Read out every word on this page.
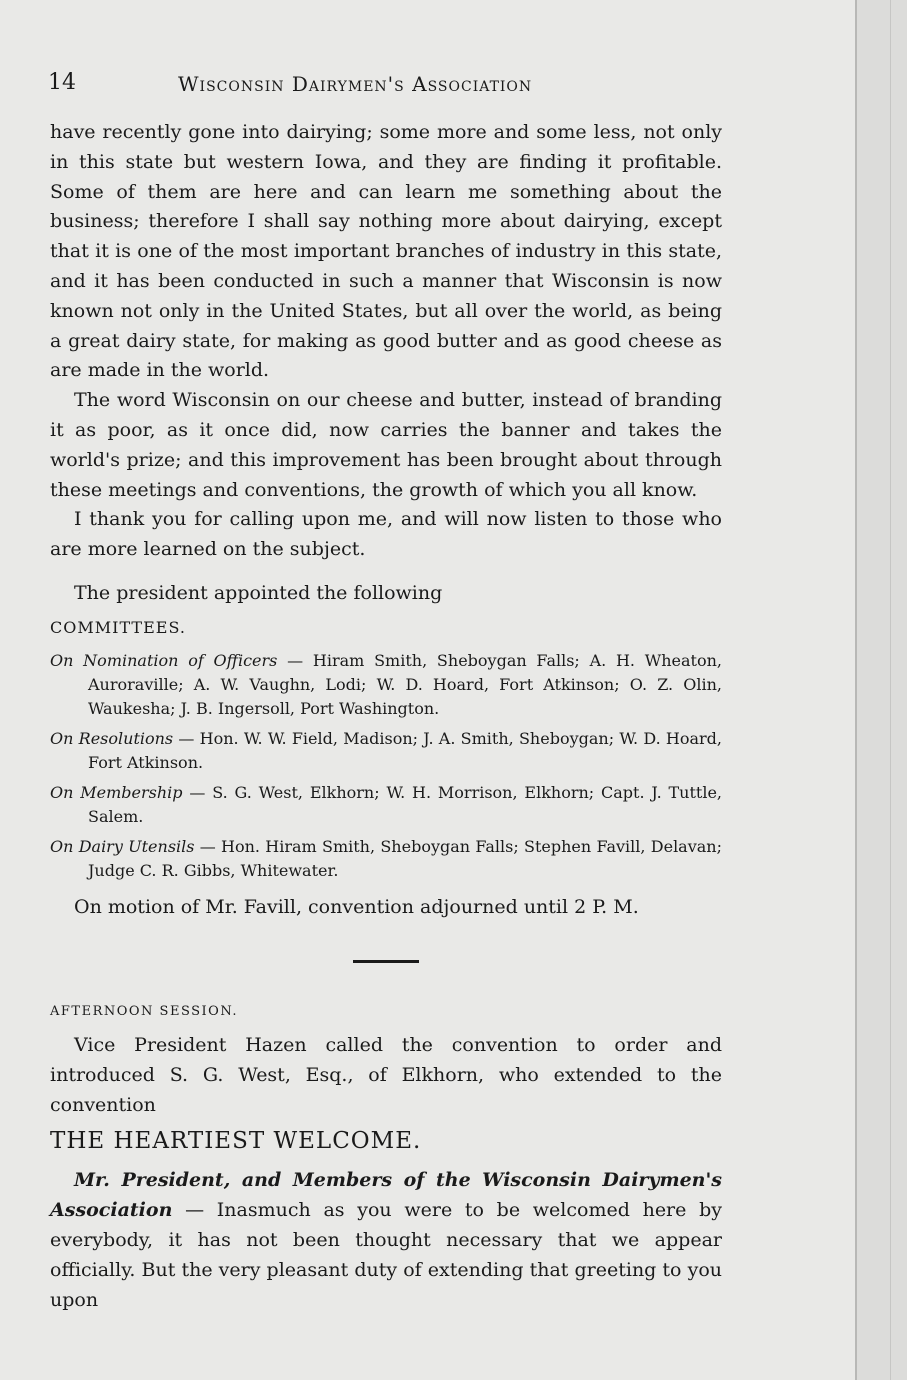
14	Wisconsin Dairymen's Association

have recently gone into dairying; some more and some less, not only in this state but western Iowa, and they are finding it profitable. Some of them are here and can learn me something about the business; therefore I shall say nothing more about dairying, except that it is one of the most important branches of industry in this state, and it has been conducted in such a manner that Wisconsin is now known not only in the United States, but all over the world, as being a great dairy state, for making as good butter and as good cheese as are made in the world.

The word Wisconsin on our cheese and butter, instead of branding it as poor, as it once did, now carries the banner and takes the world's prize; and this improvement has been brought about through these meetings and conventions, the growth of which you all know.

I thank you for calling upon me, and will now listen to those who are more learned on the subject.

The president appointed the following

COMMITTEES.

On Nomination of Officers — Hiram Smith, Sheboygan Falls; A. H. Wheaton, Auroraville; A. W. Vaughn, Lodi; W. D. Hoard, Fort Atkinson; O. Z. Olin, Waukesha; J. B. Ingersoll, Port Washington.

On Resolutions — Hon. W. W. Field, Madison; J. A. Smith, Sheboygan; W. D. Hoard, Fort Atkinson.

On Membership — S. G. West, Elkhorn; W. H. Morrison, Elkhorn; Capt. J. Tuttle, Salem.

On Dairy Utensils — Hon. Hiram Smith, Sheboygan Falls; Stephen Favill, Delavan; Judge C. R. Gibbs, Whitewater.

On motion of Mr. Favill, convention adjourned until 2 P. M.

AFTERNOON SESSION.

Vice President Hazen called the convention to order and introduced S. G. West, Esq., of Elkhorn, who extended to the convention

THE HEARTIEST WELCOME.

Mr. President, and Members of the Wisconsin Dairymen's Association — Inasmuch as you were to be welcomed here by everybody, it has not been thought necessary that we appear officially. But the very pleasant duty of extending that greeting to you upon
